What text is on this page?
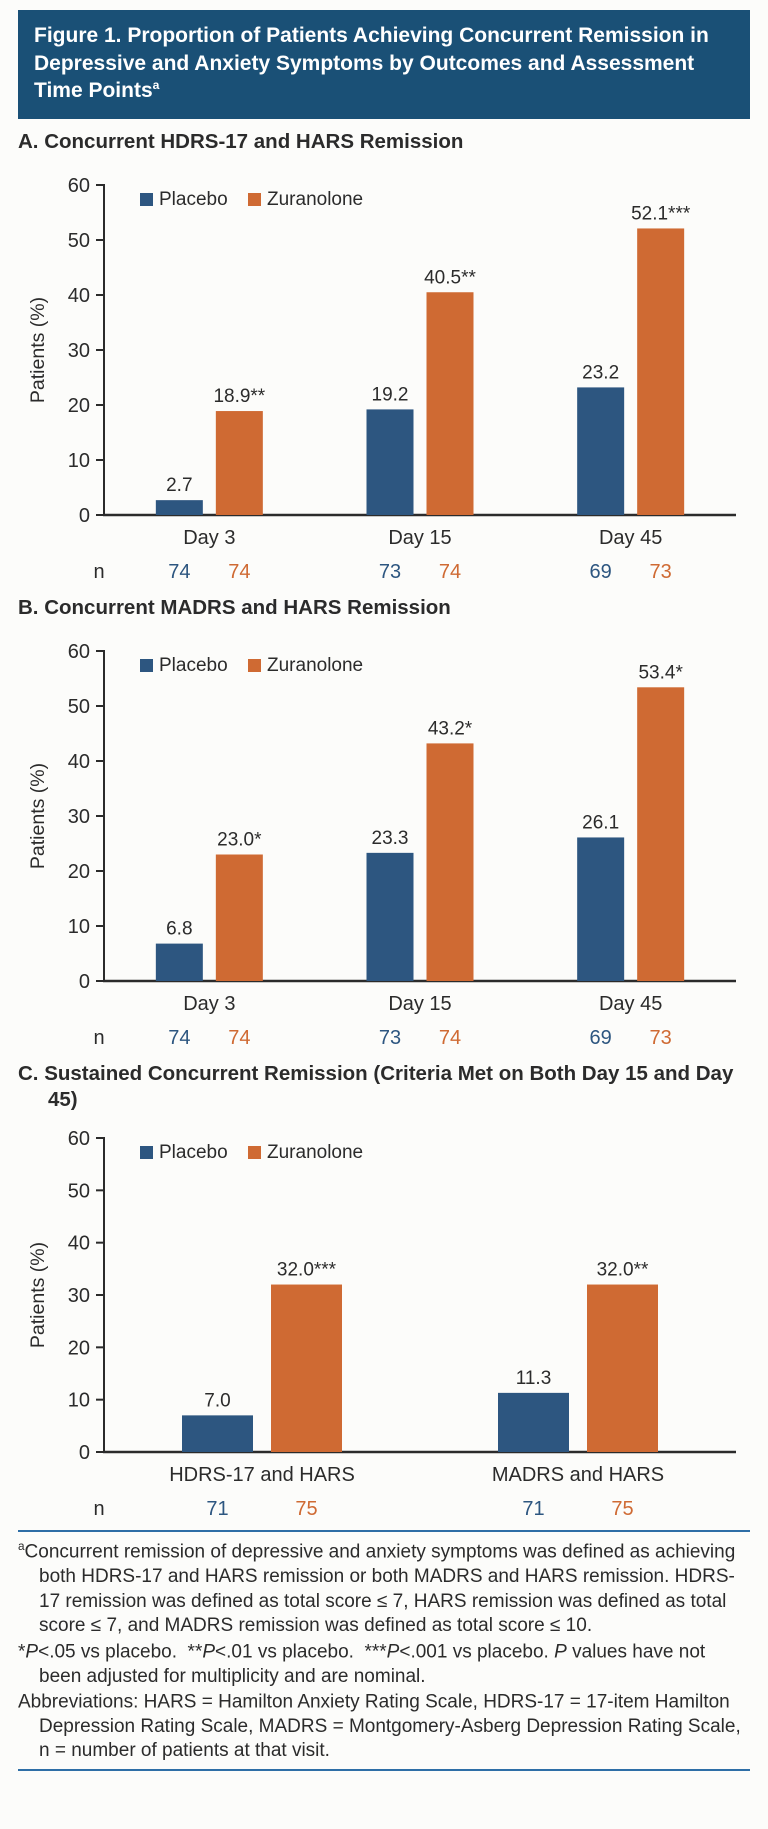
Figure 1. Proportion of Patients Achieving Concurrent Remission in Depressive and Anxiety Symptoms by Outcomes and Assessment Time Points$^a$
A. Concurrent HDRS-17 and HARS Remission
0
10
20
30
40
50
60
Patients (%)
Placebo Zuranolone
Day 3
2.7
74
18.9**
74
Day 15
19.2
73
40.5**
74
Day 45
23.2
69
52.1***
73
n
B. Concurrent MADRS and HARS Remission
0
10
20
30
40
50
60
Patients (%)
Placebo Zuranolone
Day 3
6.8
74
23.0*
74
Day 15
23.3
73
43.2*
74
Day 45
26.1
69
53.4*
73
n
C. Sustained Concurrent Remission (Criteria Met on Both Day 15 and Day 45)
0
10
20
30
40
50
60
Patients (%)
Placebo Zuranolone
HDRS-17 and HARS
7.0
71
32.0***
75
MADRS and HARS
11.3
71
32.0**
75
n

$^a$Concurrent remission of depressive and anxiety symptoms was defined as achieving both HDRS-17 and HARS remission or both MADRS and HARS remission. HDRS-17 remission was defined as total score ≤ 7, HARS remission was defined as total score ≤ 7, and MADRS remission was defined as total score ≤ 10.

*P<.05 vs placebo.  **P<.01 vs placebo.  ***P<.001 vs placebo. P values have not been adjusted for multiplicity and are nominal.

Abbreviations: HARS = Hamilton Anxiety Rating Scale, HDRS-17 = 17-item Hamilton Depression Rating Scale, MADRS = Montgomery-Asberg Depression Rating Scale, n = number of patients at that visit.
